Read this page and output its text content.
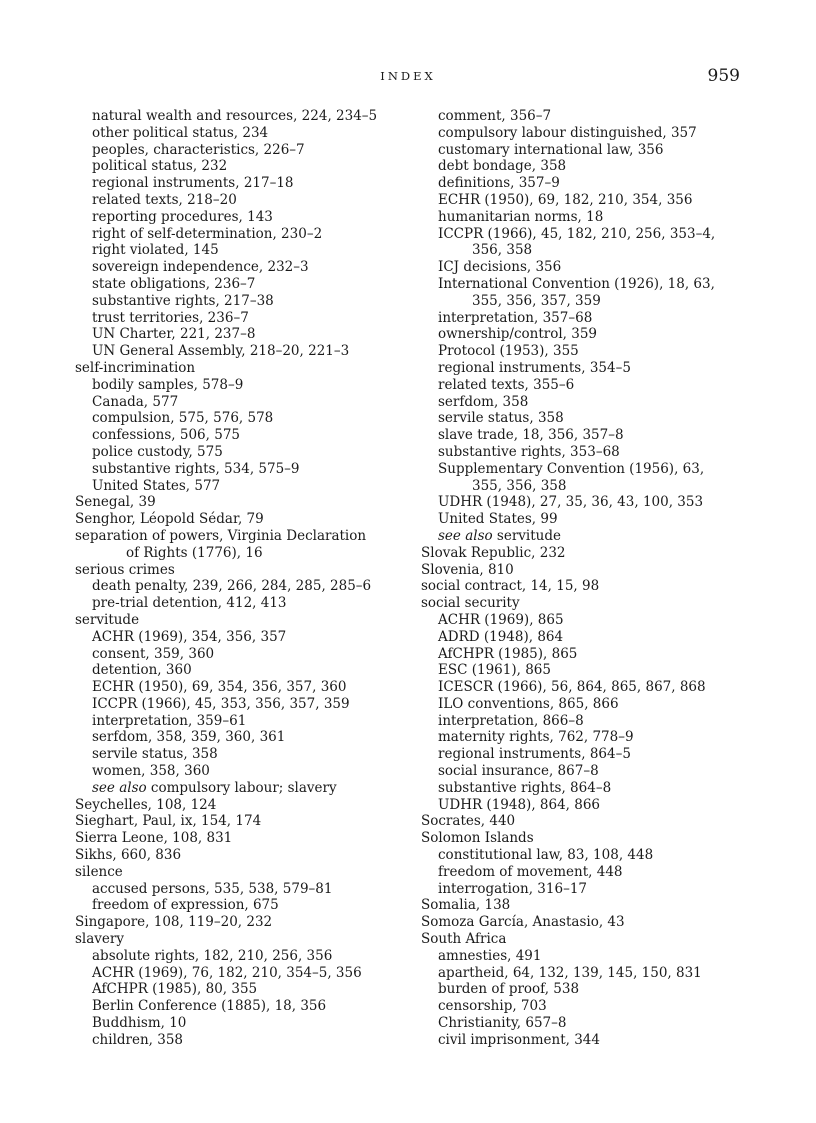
INDEX	959
natural wealth and resources, 224, 234–5
other political status, 234
peoples, characteristics, 226–7
political status, 232
regional instruments, 217–18
related texts, 218–20
reporting procedures, 143
right of self-determination, 230–2
right violated, 145
sovereign independence, 232–3
state obligations, 236–7
substantive rights, 217–38
trust territories, 236–7
UN Charter, 221, 237–8
UN General Assembly, 218–20, 221–3
self-incrimination
bodily samples, 578–9
Canada, 577
compulsion, 575, 576, 578
confessions, 506, 575
police custody, 575
substantive rights, 534, 575–9
United States, 577
Senegal, 39
Senghor, Léopold Sédar, 79
separation of powers, Virginia Declaration
of Rights (1776), 16
serious crimes
death penalty, 239, 266, 284, 285, 285–6
pre-trial detention, 412, 413
servitude
ACHR (1969), 354, 356, 357
consent, 359, 360
detention, 360
ECHR (1950), 69, 354, 356, 357, 360
ICCPR (1966), 45, 353, 356, 357, 359
interpretation, 359–61
serfdom, 358, 359, 360, 361
servile status, 358
women, 358, 360
see also compulsory labour; slavery
Seychelles, 108, 124
Sieghart, Paul, ix, 154, 174
Sierra Leone, 108, 831
Sikhs, 660, 836
silence
accused persons, 535, 538, 579–81
freedom of expression, 675
Singapore, 108, 119–20, 232
slavery
absolute rights, 182, 210, 256, 356
ACHR (1969), 76, 182, 210, 354–5, 356
AfCHPR (1985), 80, 355
Berlin Conference (1885), 18, 356
Buddhism, 10
children, 358
comment, 356–7
compulsory labour distinguished, 357
customary international law, 356
debt bondage, 358
definitions, 357–9
ECHR (1950), 69, 182, 210, 354, 356
humanitarian norms, 18
ICCPR (1966), 45, 182, 210, 256, 353–4,
356, 358
ICJ decisions, 356
International Convention (1926), 18, 63,
355, 356, 357, 359
interpretation, 357–68
ownership/control, 359
Protocol (1953), 355
regional instruments, 354–5
related texts, 355–6
serfdom, 358
servile status, 358
slave trade, 18, 356, 357–8
substantive rights, 353–68
Supplementary Convention (1956), 63,
355, 356, 358
UDHR (1948), 27, 35, 36, 43, 100, 353
United States, 99
see also servitude
Slovak Republic, 232
Slovenia, 810
social contract, 14, 15, 98
social security
ACHR (1969), 865
ADRD (1948), 864
AfCHPR (1985), 865
ESC (1961), 865
ICESCR (1966), 56, 864, 865, 867, 868
ILO conventions, 865, 866
interpretation, 866–8
maternity rights, 762, 778–9
regional instruments, 864–5
social insurance, 867–8
substantive rights, 864–8
UDHR (1948), 864, 866
Socrates, 440
Solomon Islands
constitutional law, 83, 108, 448
freedom of movement, 448
interrogation, 316–17
Somalia, 138
Somoza García, Anastasio, 43
South Africa
amnesties, 491
apartheid, 64, 132, 139, 145, 150, 831
burden of proof, 538
censorship, 703
Christianity, 657–8
civil imprisonment, 344
